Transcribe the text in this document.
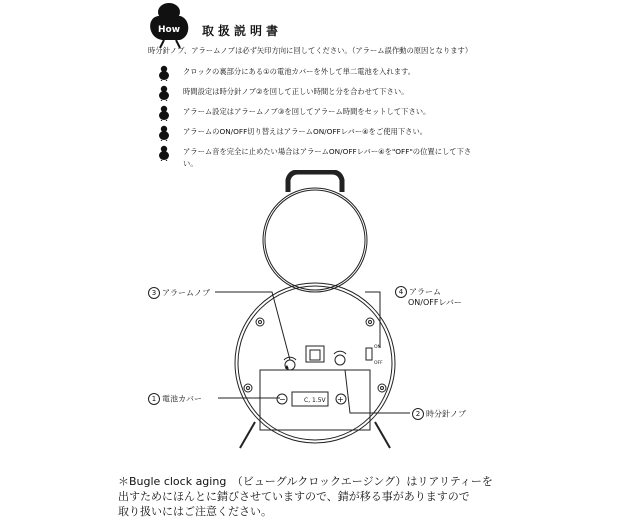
How 取扱説明書
時分針ノブ、アラームノブは必ず矢印方向に回してください。（アラーム誤作動の原因となります）
クロックの裏部分にある①の電池カバーを外して単二電池を入れます。
時間設定は時分針ノブ②を回して正しい時間と分を合わせて下さい。
アラーム設定はアラームノブ③を回してアラーム時間をセットして下さい。
アラームのON/OFF切り替えはアラームON/OFFレバー④をご使用下さい。
アラーム音を完全に止めたい場合はアラームON/OFFレバー④を"OFF"の位置にして下さい。
▲
C, 1.5V
−	+
ON
OFF
3 アラームノブ	4 アラーム
ON/OFFレバー
1 電池カバー
2 時分針ノブ

＊Bugle clock aging　（ビューグルクロックエージング）はリアリティーを

出すためにほんとに錆びさせていますので、錆が移る事がありますので

取り扱いにはご注意ください。
